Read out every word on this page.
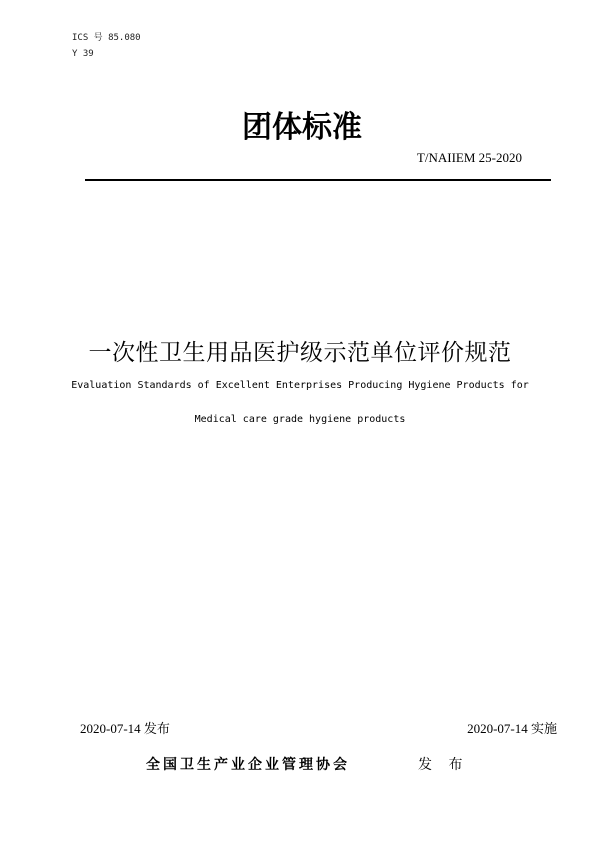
ICS 号 85.080
Y 39
团体标准
T/NAIIEM 25-2020
一次性卫生用品医护级示范单位评价规范
Evaluation Standards of Excellent Enterprises Producing Hygiene Products for
Medical care grade hygiene products
2020-07-14 发布	2020-07-14 实施
全国卫生产业企业管理协会	发 布
